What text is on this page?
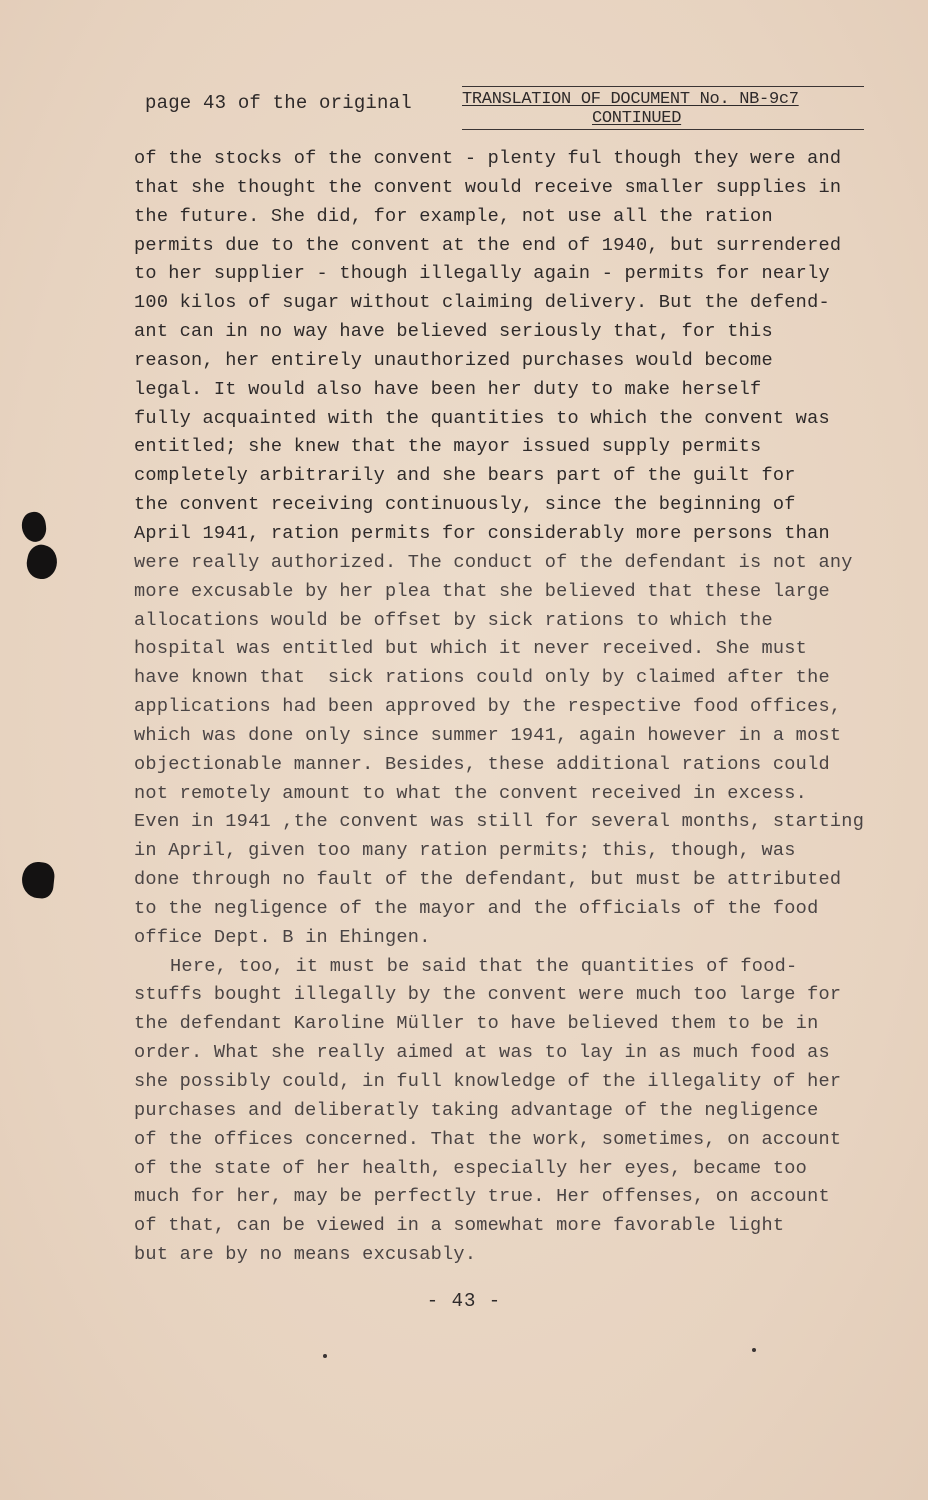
page 43 of the original	TRANSLATION OF DOCUMENT No. NB-9c7
CONTINUED
of the stocks of the convent - plenty ful though they were and
that she thought the convent would receive smaller supplies in
the future. She did, for example, not use all the ration
permits due to the convent at the end of 1940, but surrendered
to her supplier - though illegally again - permits for nearly
100 kilos of sugar without claiming delivery. But the defend-
ant can in no way have believed seriously that, for this
reason, her entirely unauthorized purchases would become
legal. It would also have been her duty to make herself
fully acquainted with the quantities to which the convent was
entitled; she knew that the mayor issued supply permits
completely arbitrarily and she bears part of the guilt for
the convent receiving continuously, since the beginning of
April 1941, ration permits for considerably more persons than
were really authorized. The conduct of the defendant is not any
more excusable by her plea that she believed that these large
allocations would be offset by sick rations to which the
hospital was entitled but which it never received. She must
have known that  sick rations could only by claimed after the
applications had been approved by the respective food offices,
which was done only since summer 1941, again however in a most
objectionable manner. Besides, these additional rations could
not remotely amount to what the convent received in excess.
Even in 1941 ,the convent was still for several months, starting
in April, given too many ration permits; this, though, was
done through no fault of the defendant, but must be attributed
to the negligence of the mayor and the officials of the food
office Dept. B in Ehingen.
Here, too, it must be said that the quantities of food-
stuffs bought illegally by the convent were much too large for
the defendant Karoline Müller to have believed them to be in
order. What she really aimed at was to lay in as much food as
she possibly could, in full knowledge of the illegality of her
purchases and deliberatly taking advantage of the negligence
of the offices concerned. That the work, sometimes, on account
of the state of her health, especially her eyes, became too
much for her, may be perfectly true. Her offenses, on account
of that, can be viewed in a somewhat more favorable light
but are by no means excusably.
- 43 -
